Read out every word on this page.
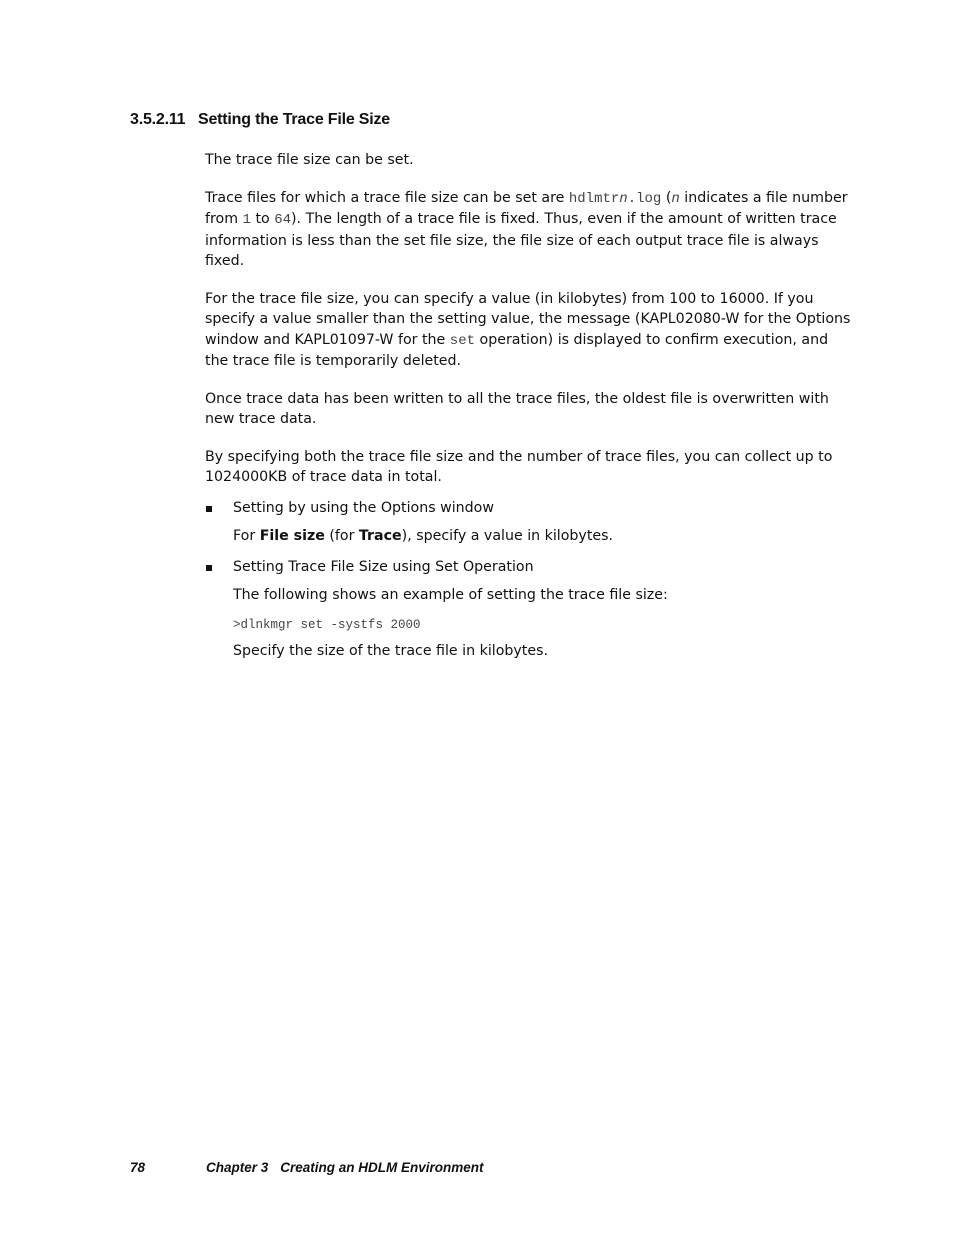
3.5.2.11 Setting the Trace File Size

The trace file size can be set.

Trace files for which a trace file size can be set are hdlmtrn.log (n indicates a file number from 1 to 64). The length of a trace file is fixed. Thus, even if the amount of written trace information is less than the set file size, the file size of each output trace file is always fixed.

For the trace file size, you can specify a value (in kilobytes) from 100 to 16000. If you specify a value smaller than the setting value, the message (KAPL02080-W for the Options window and KAPL01097-W for the set operation) is displayed to confirm execution, and the trace file is temporarily deleted.

Once trace data has been written to all the trace files, the oldest file is overwritten with new trace data.

By specifying both the trace file size and the number of trace files, you can collect up to 1024000KB of trace data in total.

Setting by using the Options window
For File size (for Trace), specify a value in kilobytes.
Setting Trace File Size using Set Operation
The following shows an example of setting the trace file size:
>dlnkmgr set -systfs 2000
Specify the size of the trace file in kilobytes.
78	Chapter 3 Creating an HDLM Environment
